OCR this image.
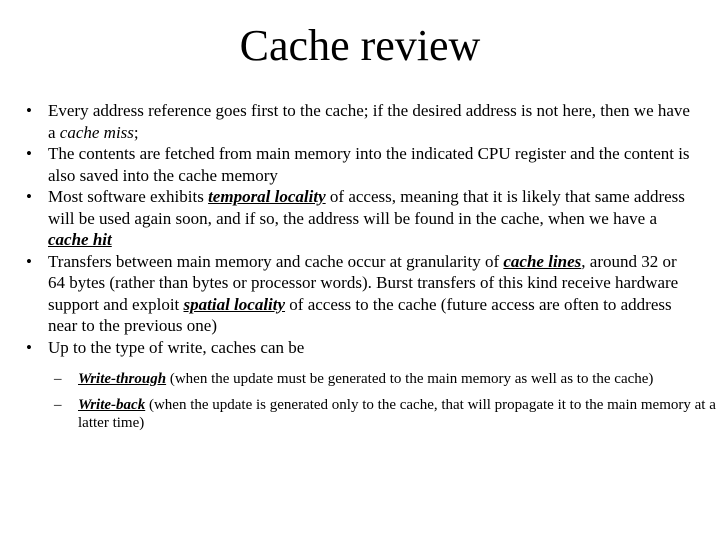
Cache review
• Every address reference goes first to the cache; if the desired address is not here, then we have a cache miss;
• The contents are fetched from main memory into the indicated CPU register and the content is also saved into the cache memory
• Most software exhibits temporal locality of access, meaning that it is likely that same address will be used again soon, and if so, the address will be found in the cache, when we have a cache hit
• Transfers between main memory and cache occur at granularity of cache lines, around 32 or 64 bytes (rather than bytes or processor words). Burst transfers of this kind receive hardware support and exploit spatial locality of access to the cache (future access are often to address near to the previous one)
• Up to the type of write, caches can be
– Write-through (when the update must be generated to the main memory as well as to the cache)
– Write-back (when the update is generated only to the cache, that will propagate it to the main memory at a latter time)
